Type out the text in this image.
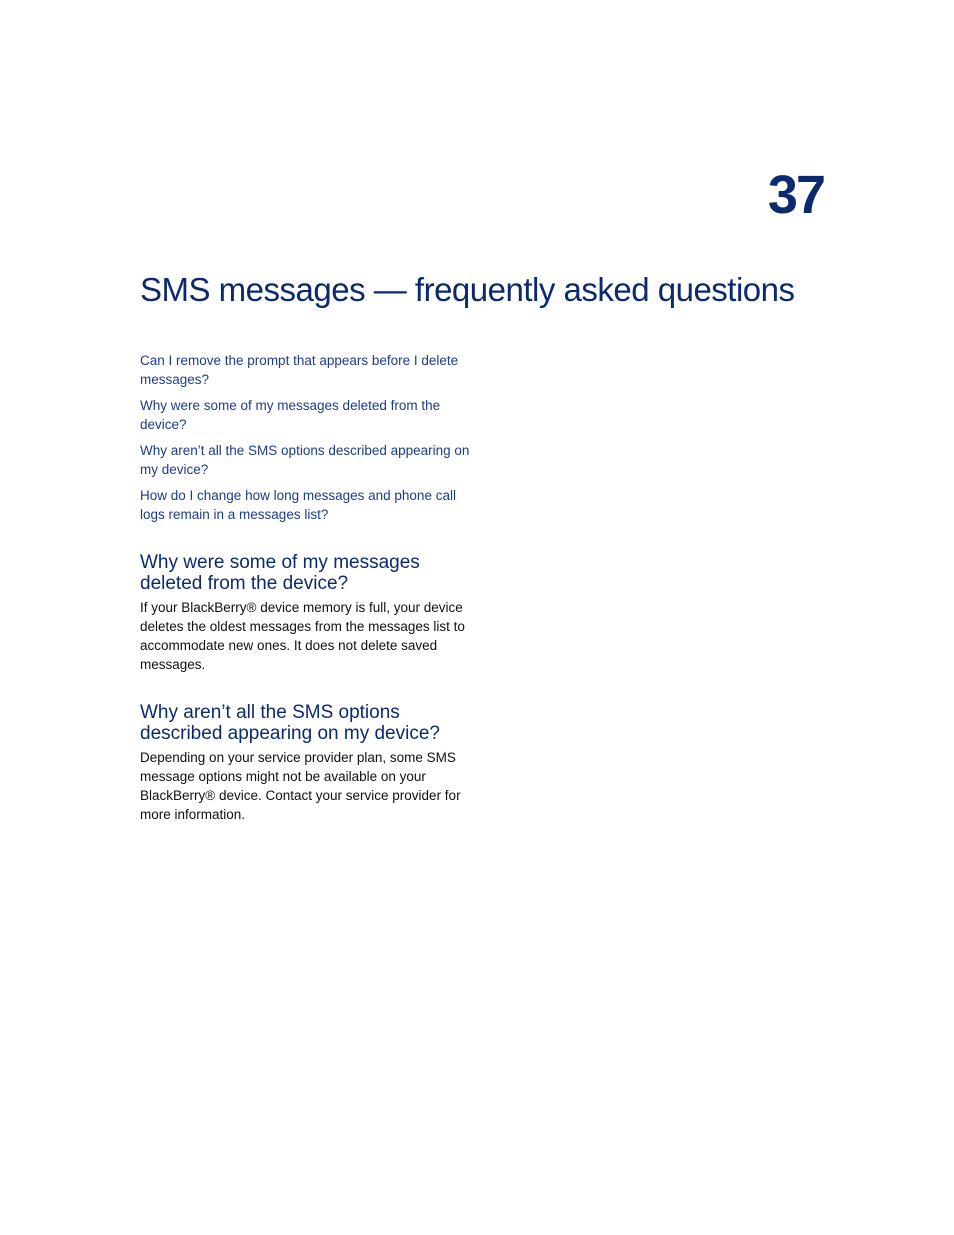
37
SMS messages — frequently asked questions
Can I remove the prompt that appears before I delete messages?
Why were some of my messages deleted from the device?
Why aren’t all the SMS options described appearing on my device?
How do I change how long messages and phone call logs remain in a messages list?
Why were some of my messages deleted from the device?

If your BlackBerry® device memory is full, your device deletes the oldest messages from the messages list to accommodate new ones. It does not delete saved messages.

Why aren’t all the SMS options described appearing on my device?

Depending on your service provider plan, some SMS message options might not be available on your BlackBerry® device. Contact your service provider for more information.
